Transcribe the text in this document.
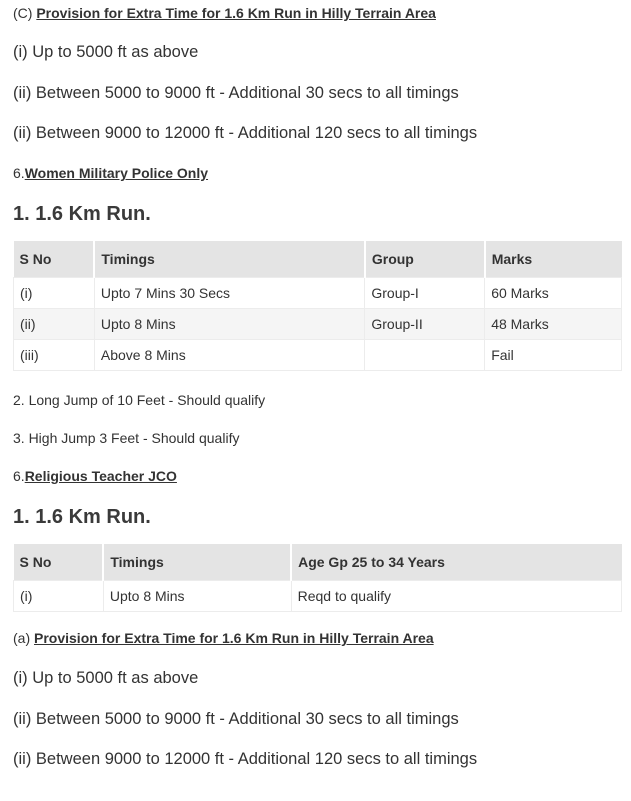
(C) Provision for Extra Time for 1.6 Km Run in Hilly Terrain Area
(i) Up to 5000 ft as above
(ii) Between 5000 to 9000 ft - Additional 30 secs to all timings
(ii) Between 9000 to 12000 ft - Additional 120 secs to all timings
6.Women Military Police Only
1. 1.6 Km Run.
S No	Timings	Group	Marks
(i)	Upto 7 Mins 30 Secs	Group-I	60 Marks
(ii)	Upto 8 Mins	Group-II	48 Marks
(iii)	Above 8 Mins		Fail
2. Long Jump of 10 Feet - Should qualify
3. High Jump 3 Feet - Should qualify
6.Religious Teacher JCO
1. 1.6 Km Run.
S No	Timings	Age Gp 25 to 34 Years
(i)	Upto 8 Mins	Reqd to qualify
(a) Provision for Extra Time for 1.6 Km Run in Hilly Terrain Area
(i) Up to 5000 ft as above
(ii) Between 5000 to 9000 ft - Additional 30 secs to all timings
(ii) Between 9000 to 12000 ft - Additional 120 secs to all timings
